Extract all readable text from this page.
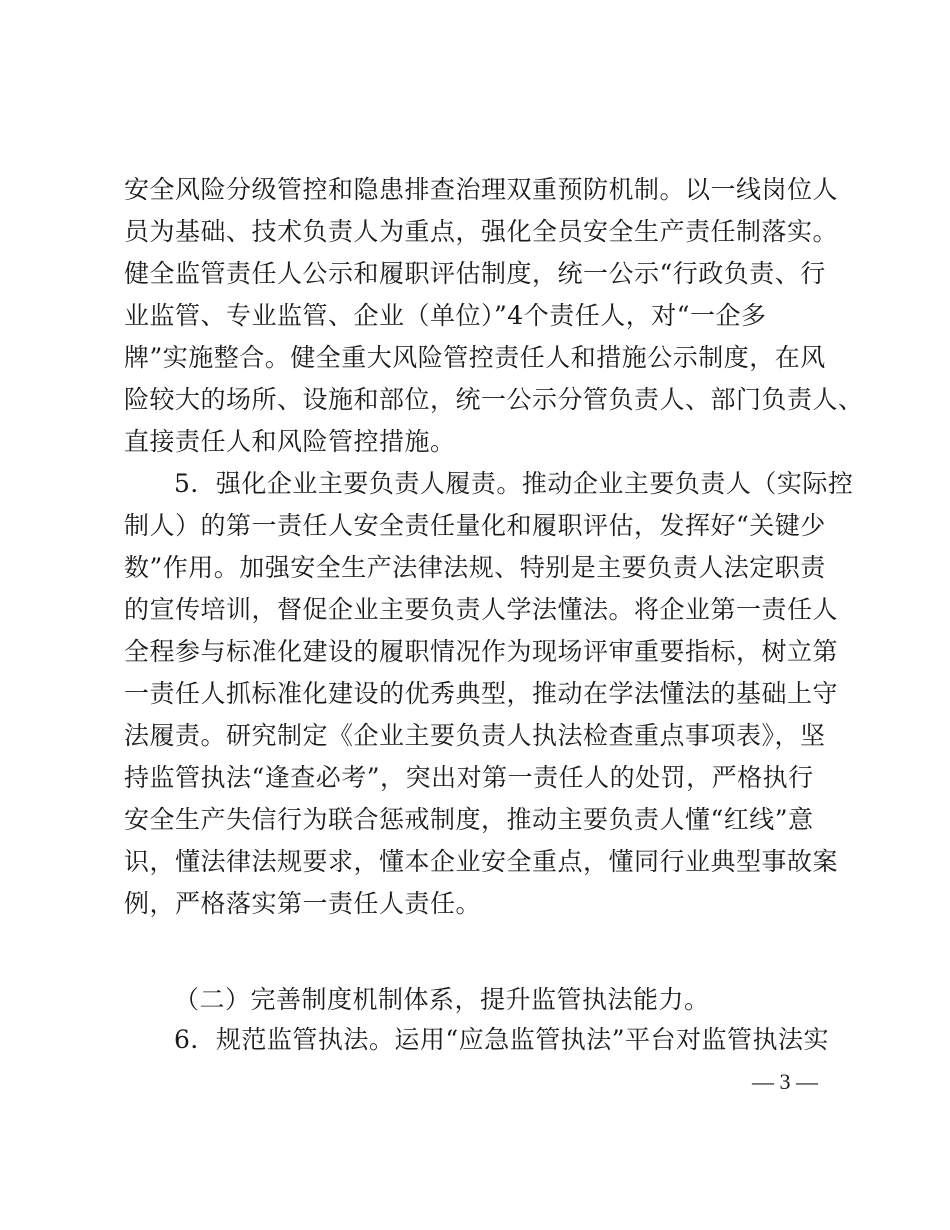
安全风险分级管控和隐患排查治理双重预防机制。以一线岗位人
员为基础、技术负责人为重点，强化全员安全生产责任制落实。
健全监管责任人公示和履职评估制度，统一公示“行政负责、行
业监管、专业监管、企业（单位）”4个责任人，对“一企多
牌”实施整合。健全重大风险管控责任人和措施公示制度，在风
险较大的场所、设施和部位，统一公示分管负责人、部门负责人、
直接责任人和风险管控措施。
5．强化企业主要负责人履责。推动企业主要负责人（实际控
制人）的第一责任人安全责任量化和履职评估，发挥好“关键少
数”作用。加强安全生产法律法规、特别是主要负责人法定职责
的宣传培训，督促企业主要负责人学法懂法。将企业第一责任人
全程参与标准化建设的履职情况作为现场评审重要指标，树立第
一责任人抓标准化建设的优秀典型，推动在学法懂法的基础上守
法履责。研究制定《企业主要负责人执法检查重点事项表》，坚
持监管执法“逢查必考”，突出对第一责任人的处罚，严格执行
安全生产失信行为联合惩戒制度，推动主要负责人懂“红线”意
识，懂法律法规要求，懂本企业安全重点，懂同行业典型事故案
例，严格落实第一责任人责任。
（二）完善制度机制体系，提升监管执法能力。
6．规范监管执法。运用“应急监管执法”平台对监管执法实
— 3 —
